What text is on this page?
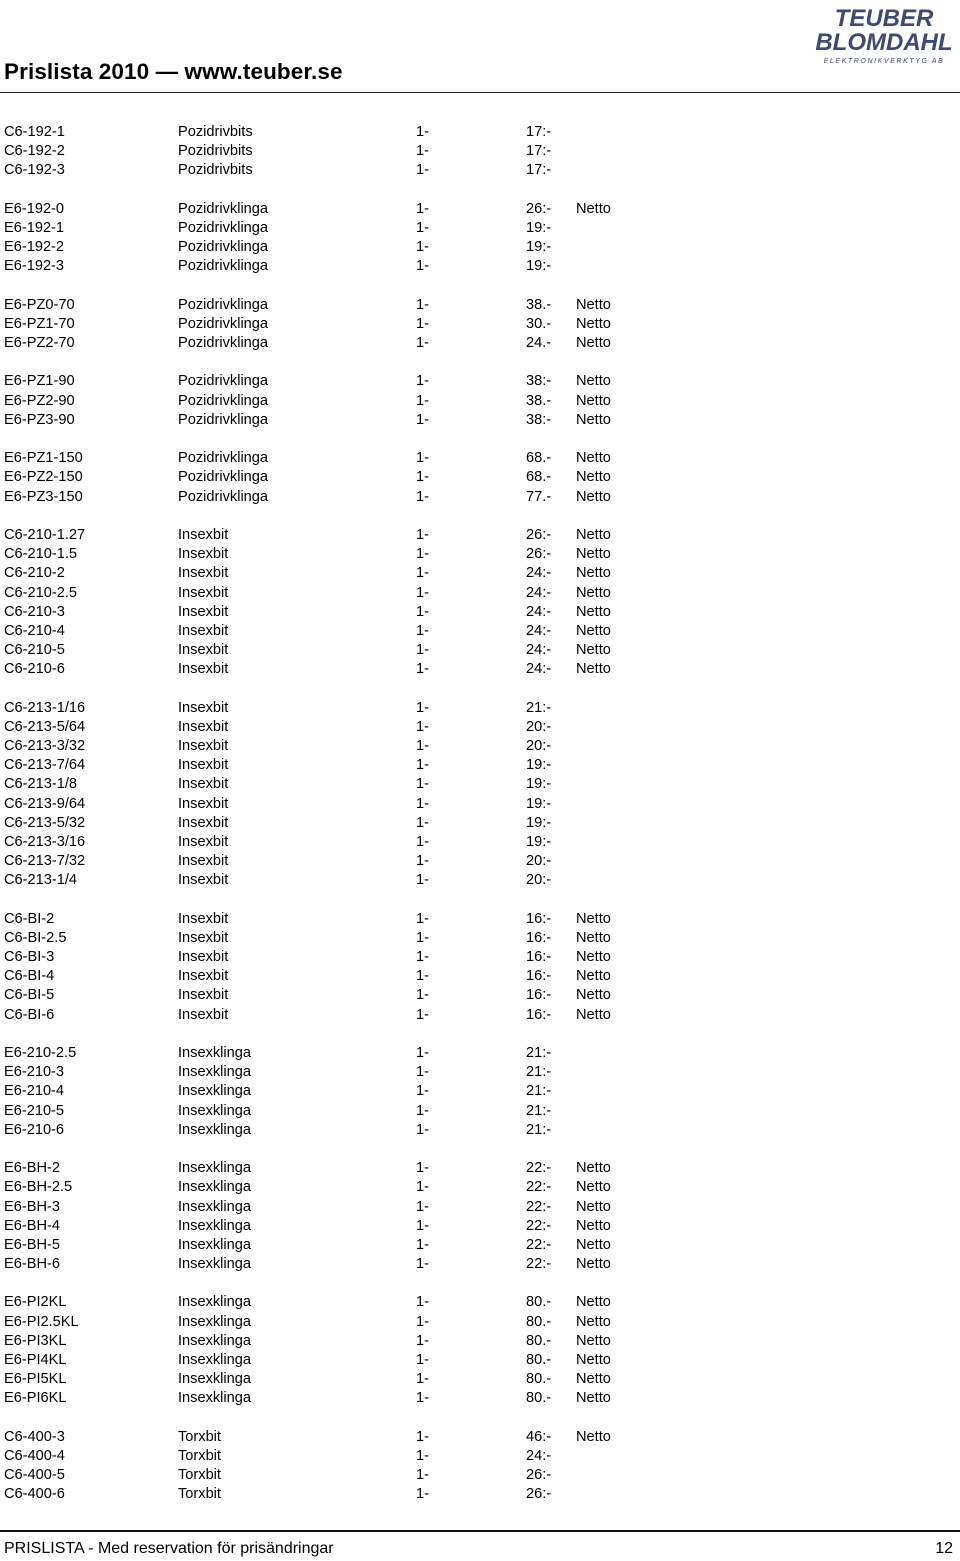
Prislista 2010 — www.teuber.se
TEUBER
BLOMDAHL
ELEKTRONIKVERKTYG AB
C6-192-1	Pozidrivbits	1-	17:-
C6-192-2	Pozidrivbits	1-	17:-
C6-192-3	Pozidrivbits	1-	17:-
E6-192-0	Pozidrivklinga	1-	26:- Netto
E6-192-1	Pozidrivklinga	1-	19:-
E6-192-2	Pozidrivklinga	1-	19:-
E6-192-3	Pozidrivklinga	1-	19:-
E6-PZ0-70	Pozidrivklinga	1-	38.- Netto
E6-PZ1-70	Pozidrivklinga	1-	30.- Netto
E6-PZ2-70	Pozidrivklinga	1-	24.- Netto
E6-PZ1-90	Pozidrivklinga	1-	38:- Netto
E6-PZ2-90	Pozidrivklinga	1-	38.- Netto
E6-PZ3-90	Pozidrivklinga	1-	38:- Netto
E6-PZ1-150	Pozidrivklinga	1-	68.- Netto
E6-PZ2-150	Pozidrivklinga	1-	68.- Netto
E6-PZ3-150	Pozidrivklinga	1-	77.- Netto
C6-210-1.27	Insexbit	1-	26:- Netto
C6-210-1.5	Insexbit	1-	26:- Netto
C6-210-2	Insexbit	1-	24:- Netto
C6-210-2.5	Insexbit	1-	24:- Netto
C6-210-3	Insexbit	1-	24:- Netto
C6-210-4	Insexbit	1-	24:- Netto
C6-210-5	Insexbit	1-	24:- Netto
C6-210-6	Insexbit	1-	24:- Netto
C6-213-1/16	Insexbit	1-	21:-
C6-213-5/64	Insexbit	1-	20:-
C6-213-3/32	Insexbit	1-	20:-
C6-213-7/64	Insexbit	1-	19:-
C6-213-1/8	Insexbit	1-	19:-
C6-213-9/64	Insexbit	1-	19:-
C6-213-5/32	Insexbit	1-	19:-
C6-213-3/16	Insexbit	1-	19:-
C6-213-7/32	Insexbit	1-	20:-
C6-213-1/4	Insexbit	1-	20:-
C6-BI-2	Insexbit	1-	16:- Netto
C6-BI-2.5	Insexbit	1-	16:- Netto
C6-BI-3	Insexbit	1-	16:- Netto
C6-BI-4	Insexbit	1-	16:- Netto
C6-BI-5	Insexbit	1-	16:- Netto
C6-BI-6	Insexbit	1-	16:- Netto
E6-210-2.5	Insexklinga	1-	21:-
E6-210-3	Insexklinga	1-	21:-
E6-210-4	Insexklinga	1-	21:-
E6-210-5	Insexklinga	1-	21:-
E6-210-6	Insexklinga	1-	21:-
E6-BH-2	Insexklinga	1-	22:- Netto
E6-BH-2.5	Insexklinga	1-	22:- Netto
E6-BH-3	Insexklinga	1-	22:- Netto
E6-BH-4	Insexklinga	1-	22:- Netto
E6-BH-5	Insexklinga	1-	22:- Netto
E6-BH-6	Insexklinga	1-	22:- Netto
E6-PI2KL	Insexklinga	1-	80.- Netto
E6-PI2.5KL	Insexklinga	1-	80.- Netto
E6-PI3KL	Insexklinga	1-	80.- Netto
E6-PI4KL	Insexklinga	1-	80.- Netto
E6-PI5KL	Insexklinga	1-	80.- Netto
E6-PI6KL	Insexklinga	1-	80.- Netto
C6-400-3	Torxbit	1-	46:- Netto
C6-400-4	Torxbit	1-	24:-
C6-400-5	Torxbit	1-	26:-
C6-400-6	Torxbit	1-	26:-
PRISLISTA - Med reservation för prisändringar	12
